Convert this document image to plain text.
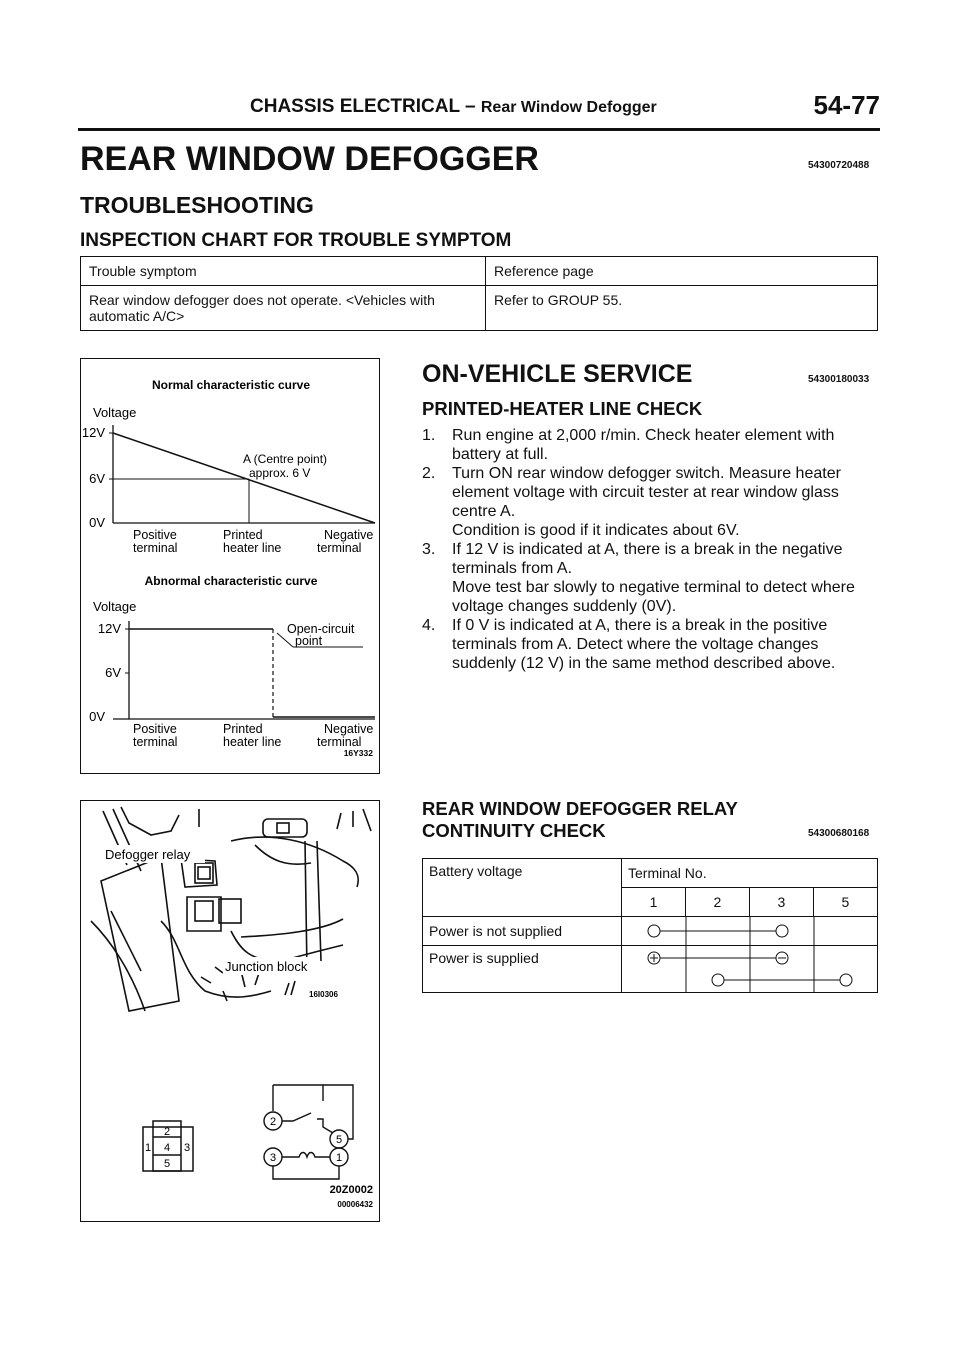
CHASSIS ELECTRICAL – Rear Window Defogger	54-77
REAR WINDOW DEFOGGER	54300720488
TROUBLESHOOTING
INSPECTION CHART FOR TROUBLE SYMPTOM
Trouble symptom	Reference page
Rear window defogger does not operate. <Vehicles with automatic A/C>	Refer to GROUP 55.
Normal characteristic curve
Voltage
12V
6V
0V
A (Centre point)
approx. 6 V
Positive
terminal
Printed
heater line
Negative
terminal
Abnormal characteristic curve
Voltage
12V
6V
0V
Open-circuit
point
Positive
terminal
Printed
heater line
Negative
terminal
16Y332
ON-VEHICLE SERVICE	54300180033
PRINTED-HEATER LINE CHECK
1. Run engine at 2,000 r/min. Check heater element with battery at full.
2. Turn ON rear window defogger switch. Measure heater element voltage with circuit tester at rear window glass centre A.
Condition is good if it indicates about 6V.
3. If 12 V is indicated at A, there is a break in the negative terminals from A.
Move test bar slowly to negative terminal to detect where voltage changes suddenly (0V).
4. If 0 V is indicated at A, there is a break in the positive terminals from A. Detect where the voltage changes suddenly (12 V) in the same method described above.
Defogger relay
Junction block
16I0306
2
1 4 3
5
2
5
3	1
20Z0002
00006432
REAR WINDOW DEFOGGER RELAY
CONTINUITY CHECK	54300680168
Battery voltage	Terminal No.			
	1	2	3	5
Power is not supplied	

Power is supplied	
